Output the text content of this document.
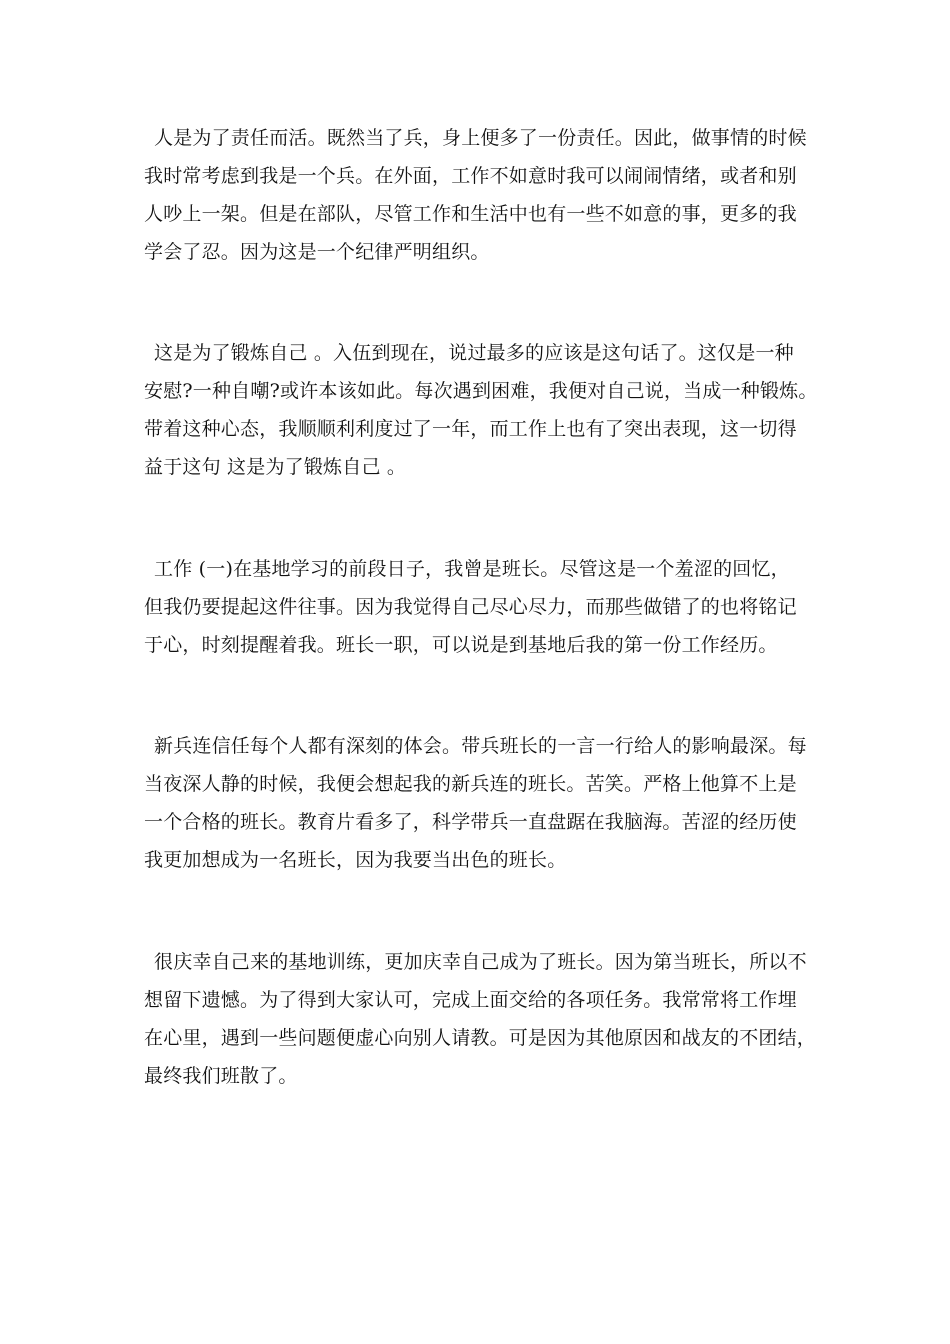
人是为了责任而活。既然当了兵，身上便多了一份责任。因此，做事情的时候
我时常考虑到我是一个兵。在外面，工作不如意时我可以闹闹情绪，或者和别
人吵上一架。但是在部队，尽管工作和生活中也有一些不如意的事，更多的我
学会了忍。因为这是一个纪律严明组织。
这是为了锻炼自己 。入伍到现在，说过最多的应该是这句话了。这仅是一种
安慰?一种自嘲?或许本该如此。每次遇到困难，我便对自己说，当成一种锻炼。
带着这种心态，我顺顺利利度过了一年，而工作上也有了突出表现，这一切得
益于这句 这是为了锻炼自己 。
工作 (一)在基地学习的前段日子，我曾是班长。尽管这是一个羞涩的回忆，
但我仍要提起这件往事。因为我觉得自己尽心尽力，而那些做错了的也将铭记
于心，时刻提醒着我。班长一职，可以说是到基地后我的第一份工作经历。
新兵连信任每个人都有深刻的体会。带兵班长的一言一行给人的影响最深。每
当夜深人静的时候，我便会想起我的新兵连的班长。苦笑。严格上他算不上是
一个合格的班长。教育片看多了，科学带兵一直盘踞在我脑海。苦涩的经历使
我更加想成为一名班长，因为我要当出色的班长。
很庆幸自己来的基地训练，更加庆幸自己成为了班长。因为第当班长，所以不
想留下遗憾。为了得到大家认可，完成上面交给的各项任务。我常常将工作埋
在心里，遇到一些问题便虚心向别人请教。可是因为其他原因和战友的不团结，
最终我们班散了。
